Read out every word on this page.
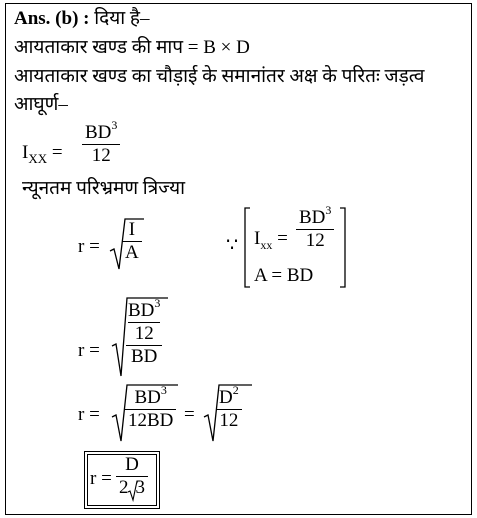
Ans. (b) : दिया है–
आयताकार खण्ड की माप = B × D
आयताकार खण्ड का चौड़ाई के समानांतर अक्ष के परितः जड़त्व
आघूर्ण–
$I_{XX}$ =
$BD^3$
12
न्यूनतम परिभ्रमण त्रिज्या
r =
I
A	∵ $I_{xx}$ =
$BD^3$
12
A = BD
r =
$BD^3$
12
BD
r =
$BD^3$
12BD =
$D^2$
12
r =
D
2 3
